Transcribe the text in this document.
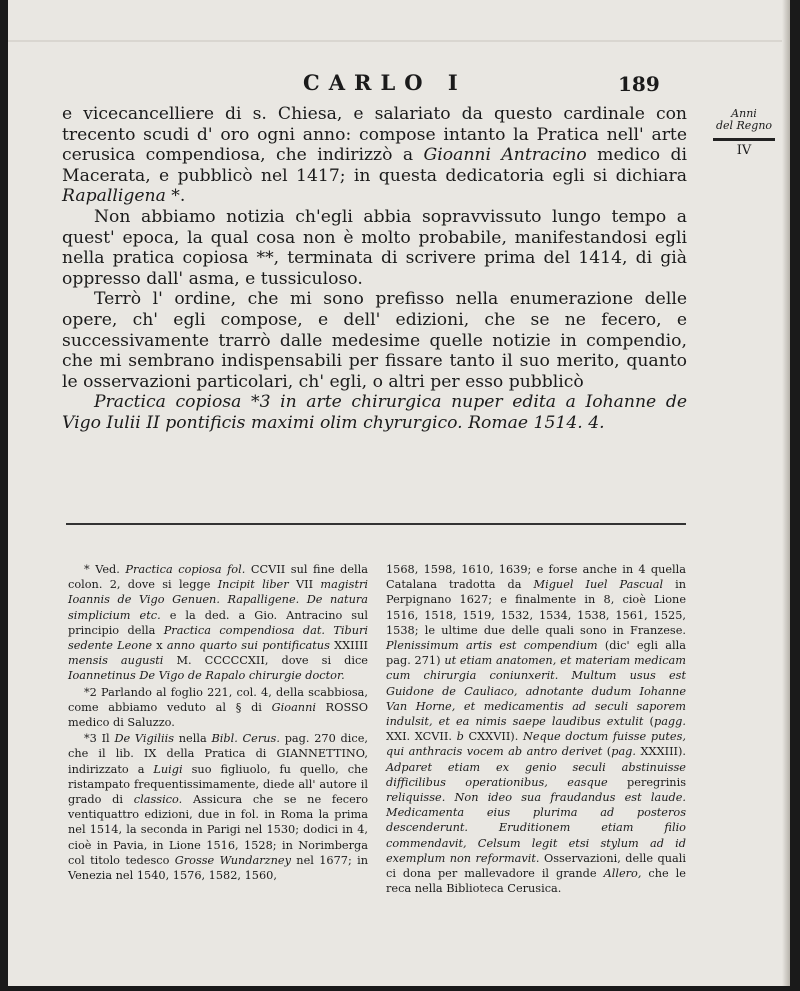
CARLO I	189
Anni
del Regno
IV

e vicecancelliere di s. Chiesa, e salariato da questo cardinale con trecento scudi d' oro ogni anno: compose intanto la Pratica nell' arte cerusica compendiosa, che indirizzò a Gioanni Antracino medico di Macerata, e pubblicò nel 1417; in questa dedicatoria egli si dichiara Rapalligena *.

Non abbiamo notizia ch'egli abbia sopravvissuto lungo tempo a quest' epoca, la qual cosa non è molto probabile, manifestandosi egli nella pratica copiosa **, terminata di scrivere prima del 1414, di già oppresso dall' asma, e tussiculoso.

Terrò l' ordine, che mi sono prefisso nella enumerazione delle opere, ch' egli compose, e dell' edizioni, che se ne fecero, e successivamente trarrò dalle medesime quelle notizie in compendio, che mi sembrano indispensabili per fissare tanto il suo merito, quanto le osservazioni particolari, ch' egli, o altri per esso pubblicò

Practica copiosa *3 in arte chirurgica nuper edita a Iohanne de Vigo Iulii II pontificis maximi olim chyrurgico. Romae 1514. 4.

* Ved. Practica copiosa fol. CCVII sul fine della colon. 2, dove si legge Incipit liber VII magistri Ioannis de Vigo Genuen. Rapalligene. De natura simplicium etc. e la ded. a Gio. Antracino sul principio della Practica compendiosa dat. Tiburi sedente Leone x anno quarto sui pontificatus XXIIII mensis augusti M. CCCCCXII, dove si dice Ioannetinus De Vigo de Rapalo chirurgie doctor.

*2 Parlando al foglio 221, col. 4, della scabbiosa, come abbiamo veduto al § di Gioanni ROSSO medico di Saluzzo.

*3 Il De Vigiliis nella Bibl. Cerus. pag. 270 dice, che il lib. IX della Pratica di GIANNETTINO, indirizzato a Luigi suo figliuolo, fu quello, che ristampato frequentissimamente, diede all' autore il grado di classico. Assicura che se ne fecero ventiquattro edizioni, due in fol. in Roma la prima nel 1514, la seconda in Parigi nel 1530; dodici in 4, cioè in Pavia, in Lione 1516, 1528; in Norimberga col titolo tedesco Grosse Wundarzney nel 1677; in Venezia nel 1540, 1576, 1582, 1560,

1568, 1598, 1610, 1639; e forse anche in 4 quella Catalana tradotta da Miguel Iuel Pascual in Perpignano 1627; e finalmente in 8, cioè Lione 1516, 1518, 1519, 1532, 1534, 1538, 1561, 1525, 1538; le ultime due delle quali sono in Franzese. Plenissimum artis est compendium (dic' egli alla pag. 271) ut etiam anatomen, et materiam medicam cum chirurgia coniunxerit. Multum usus est Guidone de Cauliaco, adnotante dudum Iohanne Van Horne, et medicamentis ad seculi saporem indulsit, et ea nimis saepe laudibus extulit (pagg. XXI. XCVII. b CXXVII). Neque doctum fuisse putes, qui anthracis vocem ab antro derivet (pag. XXXIII). Adparet etiam ex genio seculi abstinuisse difficilibus operationibus, easque peregrinis reliquisse. Non ideo sua fraudandus est laude. Medicamenta eius plurima ad posteros descenderunt. Eruditionem etiam filio commendavit, Celsum legit etsi stylum ad id exemplum non reformavit. Osservazioni, delle quali ci dona per mallevadore il grande Allero, che le reca nella Biblioteca Cerusica.
